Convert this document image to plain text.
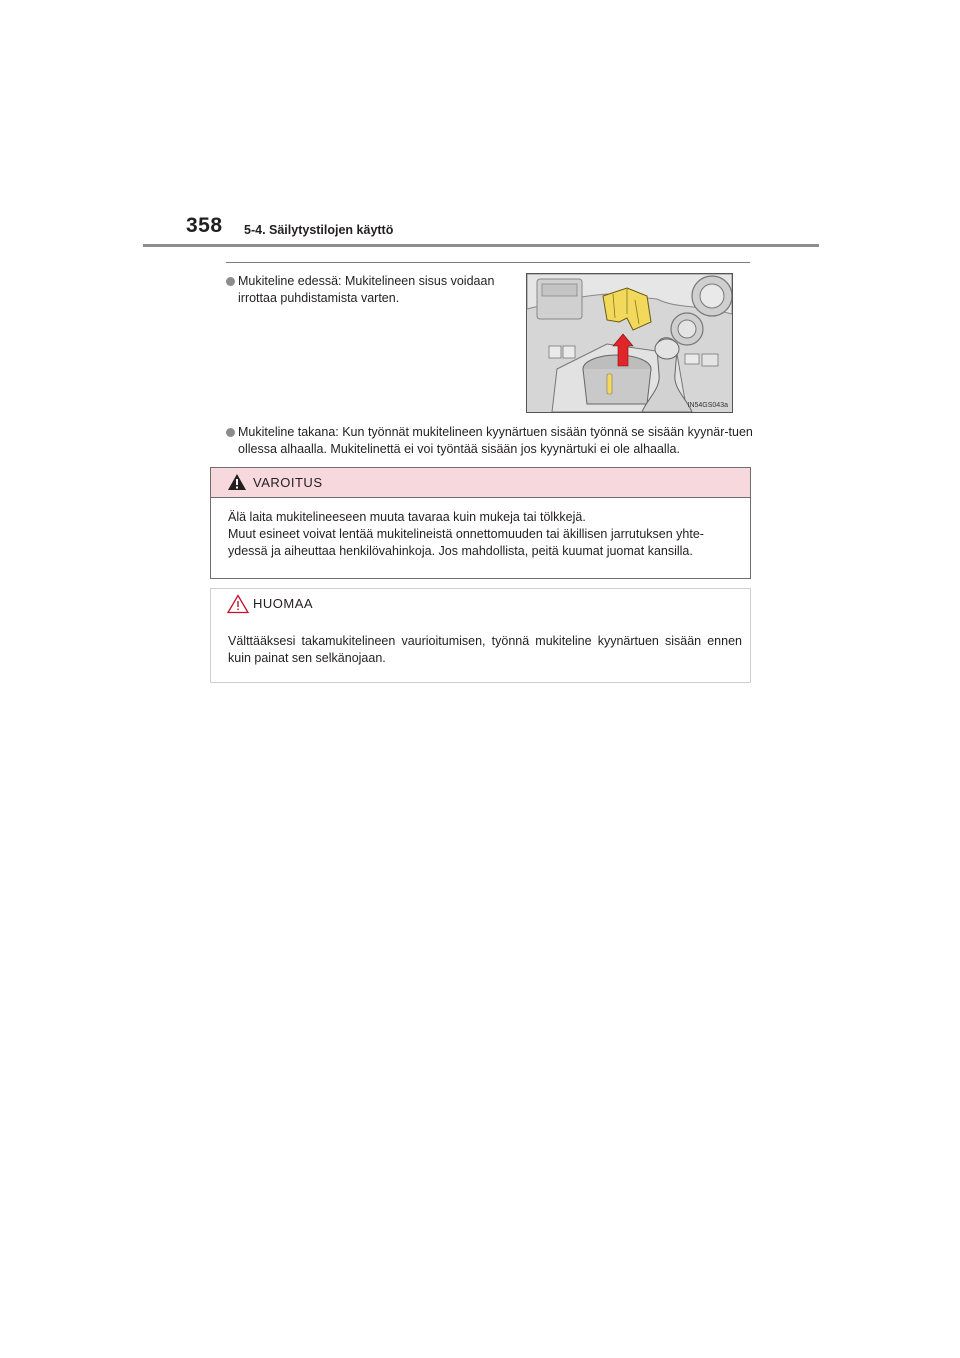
358 5-4. Säilytystilojen käyttö
Mukiteline edessä: Mukitelineen sisus voidaan irrottaa puhdistamista varten.
IN54GS043a
Mukiteline takana: Kun työnnät mukitelineen kyynärtuen sisään työnnä se sisään kyynär-tuen ollessa alhaalla. Mukitelinettä ei voi työntää sisään jos kyynärtuki ei ole alhaalla.
VAROITUS

Älä laita mukitelineeseen muuta tavaraa kuin mukeja tai tölkkejä.

Muut esineet voivat lentää mukitelineistä onnettomuuden tai äkillisen jarrutuksen yhte-ydessä ja aiheuttaa henkilövahinkoja. Jos mahdollista, peitä kuumat juomat kansilla.

HUOMAA
Välttääksesi takamukitelineen vaurioitumisen, työnnä mukiteline kyynärtuen sisään ennen kuin painat sen selkänojaan.
